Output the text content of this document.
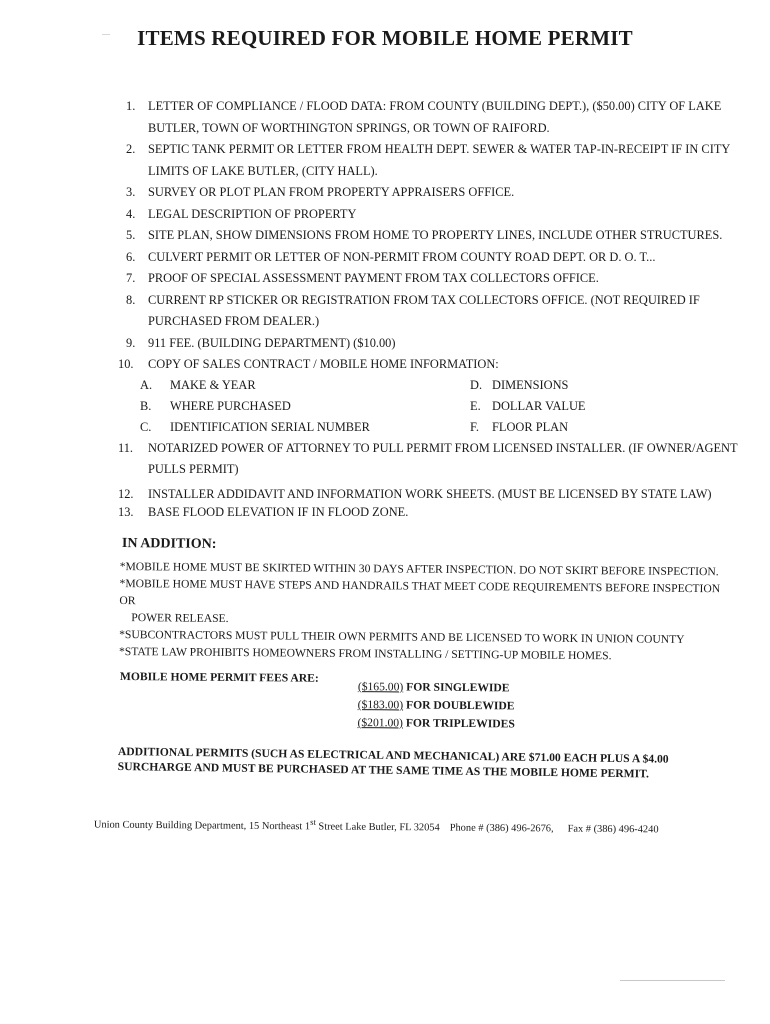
ITEMS REQUIRED FOR MOBILE HOME PERMIT
1. LETTER OF COMPLIANCE / FLOOD DATA: FROM COUNTY (BUILDING DEPT.), ($50.00) CITY OF LAKE BUTLER, TOWN OF WORTHINGTON SPRINGS, OR TOWN OF RAIFORD.
2. SEPTIC TANK PERMIT OR LETTER FROM HEALTH DEPT. SEWER & WATER TAP-IN-RECEIPT IF IN CITY LIMITS OF LAKE BUTLER, (CITY HALL).
3. SURVEY OR PLOT PLAN FROM PROPERTY APPRAISERS OFFICE.
4. LEGAL DESCRIPTION OF PROPERTY
5. SITE PLAN, SHOW DIMENSIONS FROM HOME TO PROPERTY LINES, INCLUDE OTHER STRUCTURES.
6. CULVERT PERMIT OR LETTER OF NON-PERMIT FROM COUNTY ROAD DEPT. OR D. O. T...
7. PROOF OF SPECIAL ASSESSMENT PAYMENT FROM TAX COLLECTORS OFFICE.
8. CURRENT RP STICKER OR REGISTRATION FROM TAX COLLECTORS OFFICE. (NOT REQUIRED IF PURCHASED FROM DEALER.)
9. 911 FEE. (BUILDING DEPARTMENT) ($10.00)
10. COPY OF SALES CONTRACT / MOBILE HOME INFORMATION:
A. MAKE & YEAR	D. DIMENSIONS
B. WHERE PURCHASED	E. DOLLAR VALUE
C. IDENTIFICATION SERIAL NUMBER	F. FLOOR PLAN
11. NOTARIZED POWER OF ATTORNEY TO PULL PERMIT FROM LICENSED INSTALLER. (IF OWNER/AGENT PULLS PERMIT)
12. INSTALLER ADDIDAVIT AND INFORMATION WORK SHEETS. (MUST BE LICENSED BY STATE LAW)
13. BASE FLOOD ELEVATION IF IN FLOOD ZONE.
IN ADDITION:
*MOBILE HOME MUST BE SKIRTED WITHIN 30 DAYS AFTER INSPECTION. DO NOT SKIRT BEFORE INSPECTION.
*MOBILE HOME MUST HAVE STEPS AND HANDRAILS THAT MEET CODE REQUIREMENTS BEFORE INSPECTION OR
POWER RELEASE.
*SUBCONTRACTORS MUST PULL THEIR OWN PERMITS AND BE LICENSED TO WORK IN UNION COUNTY
*STATE LAW PROHIBITS HOMEOWNERS FROM INSTALLING / SETTING-UP MOBILE HOMES.
MOBILE HOME PERMIT FEES ARE:
($165.00) FOR SINGLEWIDE
($183.00) FOR DOUBLEWIDE
($201.00) FOR TRIPLEWIDES
ADDITIONAL PERMITS (SUCH AS ELECTRICAL AND MECHANICAL) ARE $71.00 EACH PLUS A $4.00 SURCHARGE AND MUST BE PURCHASED AT THE SAME TIME AS THE MOBILE HOME PERMIT.
Union County Building Department, 15 Northeast 1st Street Lake Butler, FL 32054 Phone # (386) 496-2676, Fax # (386) 496-4240
